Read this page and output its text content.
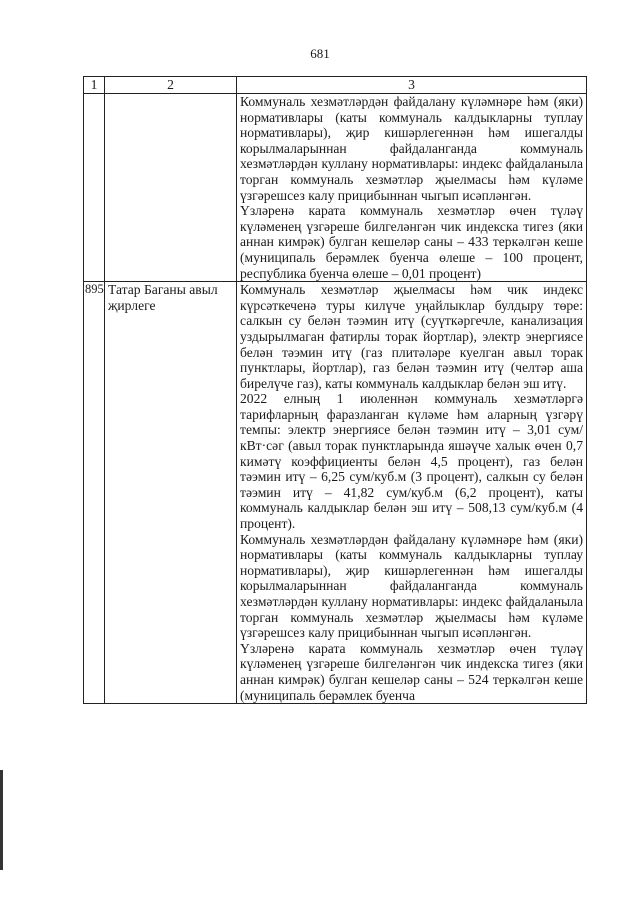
681
1	2	3

		Коммуналь хезмәтләрдән файдалану күләмнәре һәм (яки) нормативлары (каты коммуналь калдыкларны туплау нормативлары), җир кишәрлегеннән һәм ишегалды корылмаларыннан файдаланганда коммуналь хезмәтләрдән куллану нормативлары: индекс файдаланыла торган коммуналь хезмәтләр җыелмасы һәм күләме үзгәрешсез калу прицибыннан чыгып исәпләнгән.
Үзләренә карата коммуналь хезмәтләр өчен түләү күләменең үзгәреше билгеләнгән чик индекска тигез (яки аннан кимрәк) булган кешеләр саны – 433 теркәлгән кеше (муниципаль берәмлек буенча өлеше – 100 процент, республика буенча өлеше – 0,01 процент)

895	Татар Баганы авыл җирлеге	Коммуналь хезмәтләр җыелмасы һәм чик индекс күрсәткеченә туры килүче уңайлыклар булдыру төре: салкын су белән тәэмин итү (суүткәргечле, канализация уздырылмаган фатирлы торак йортлар), электр энергиясе белән тәэмин итү (газ плитәләре куелган авыл торак пунктлары, йортлар), газ белән тәэмин итү (челтәр аша бирелүче газ), каты коммуналь калдыклар белән эш итү.
2022 елның 1 июленнән коммуналь хезмәтләргә тарифларның фаразланган күләме һәм аларның үзгәрү темпы: электр энергиясе белән тәэмин итү – 3,01 сум/кВт·сәг (авыл торак пунктларында яшәүче халык өчен 0,7 кимәтү коэффициенты белән 4,5 процент), газ белән тәэмин итү – 6,25 сум/куб.м (3 процент), салкын су белән тәэмин итү – 41,82 сум/куб.м (6,2 процент), каты коммуналь калдыклар белән эш итү – 508,13 сум/куб.м (4 процент).
Коммуналь хезмәтләрдән файдалану күләмнәре һәм (яки) нормативлары (каты коммуналь калдыкларны туплау нормативлары), җир кишәрлегеннән һәм ишегалды корылмаларыннан файдаланганда коммуналь хезмәтләрдән куллану нормативлары: индекс файдаланыла торган коммуналь хезмәтләр җыелмасы һәм күләме үзгәрешсез калу прицибыннан чыгып исәпләнгән.
Үзләренә карата коммуналь хезмәтләр өчен түләү күләменең үзгәреше билгеләнгән чик индекска тигез (яки аннан кимрәк) булган кешеләр саны – 524 теркәлгән кеше (муниципаль берәмлек буенча
